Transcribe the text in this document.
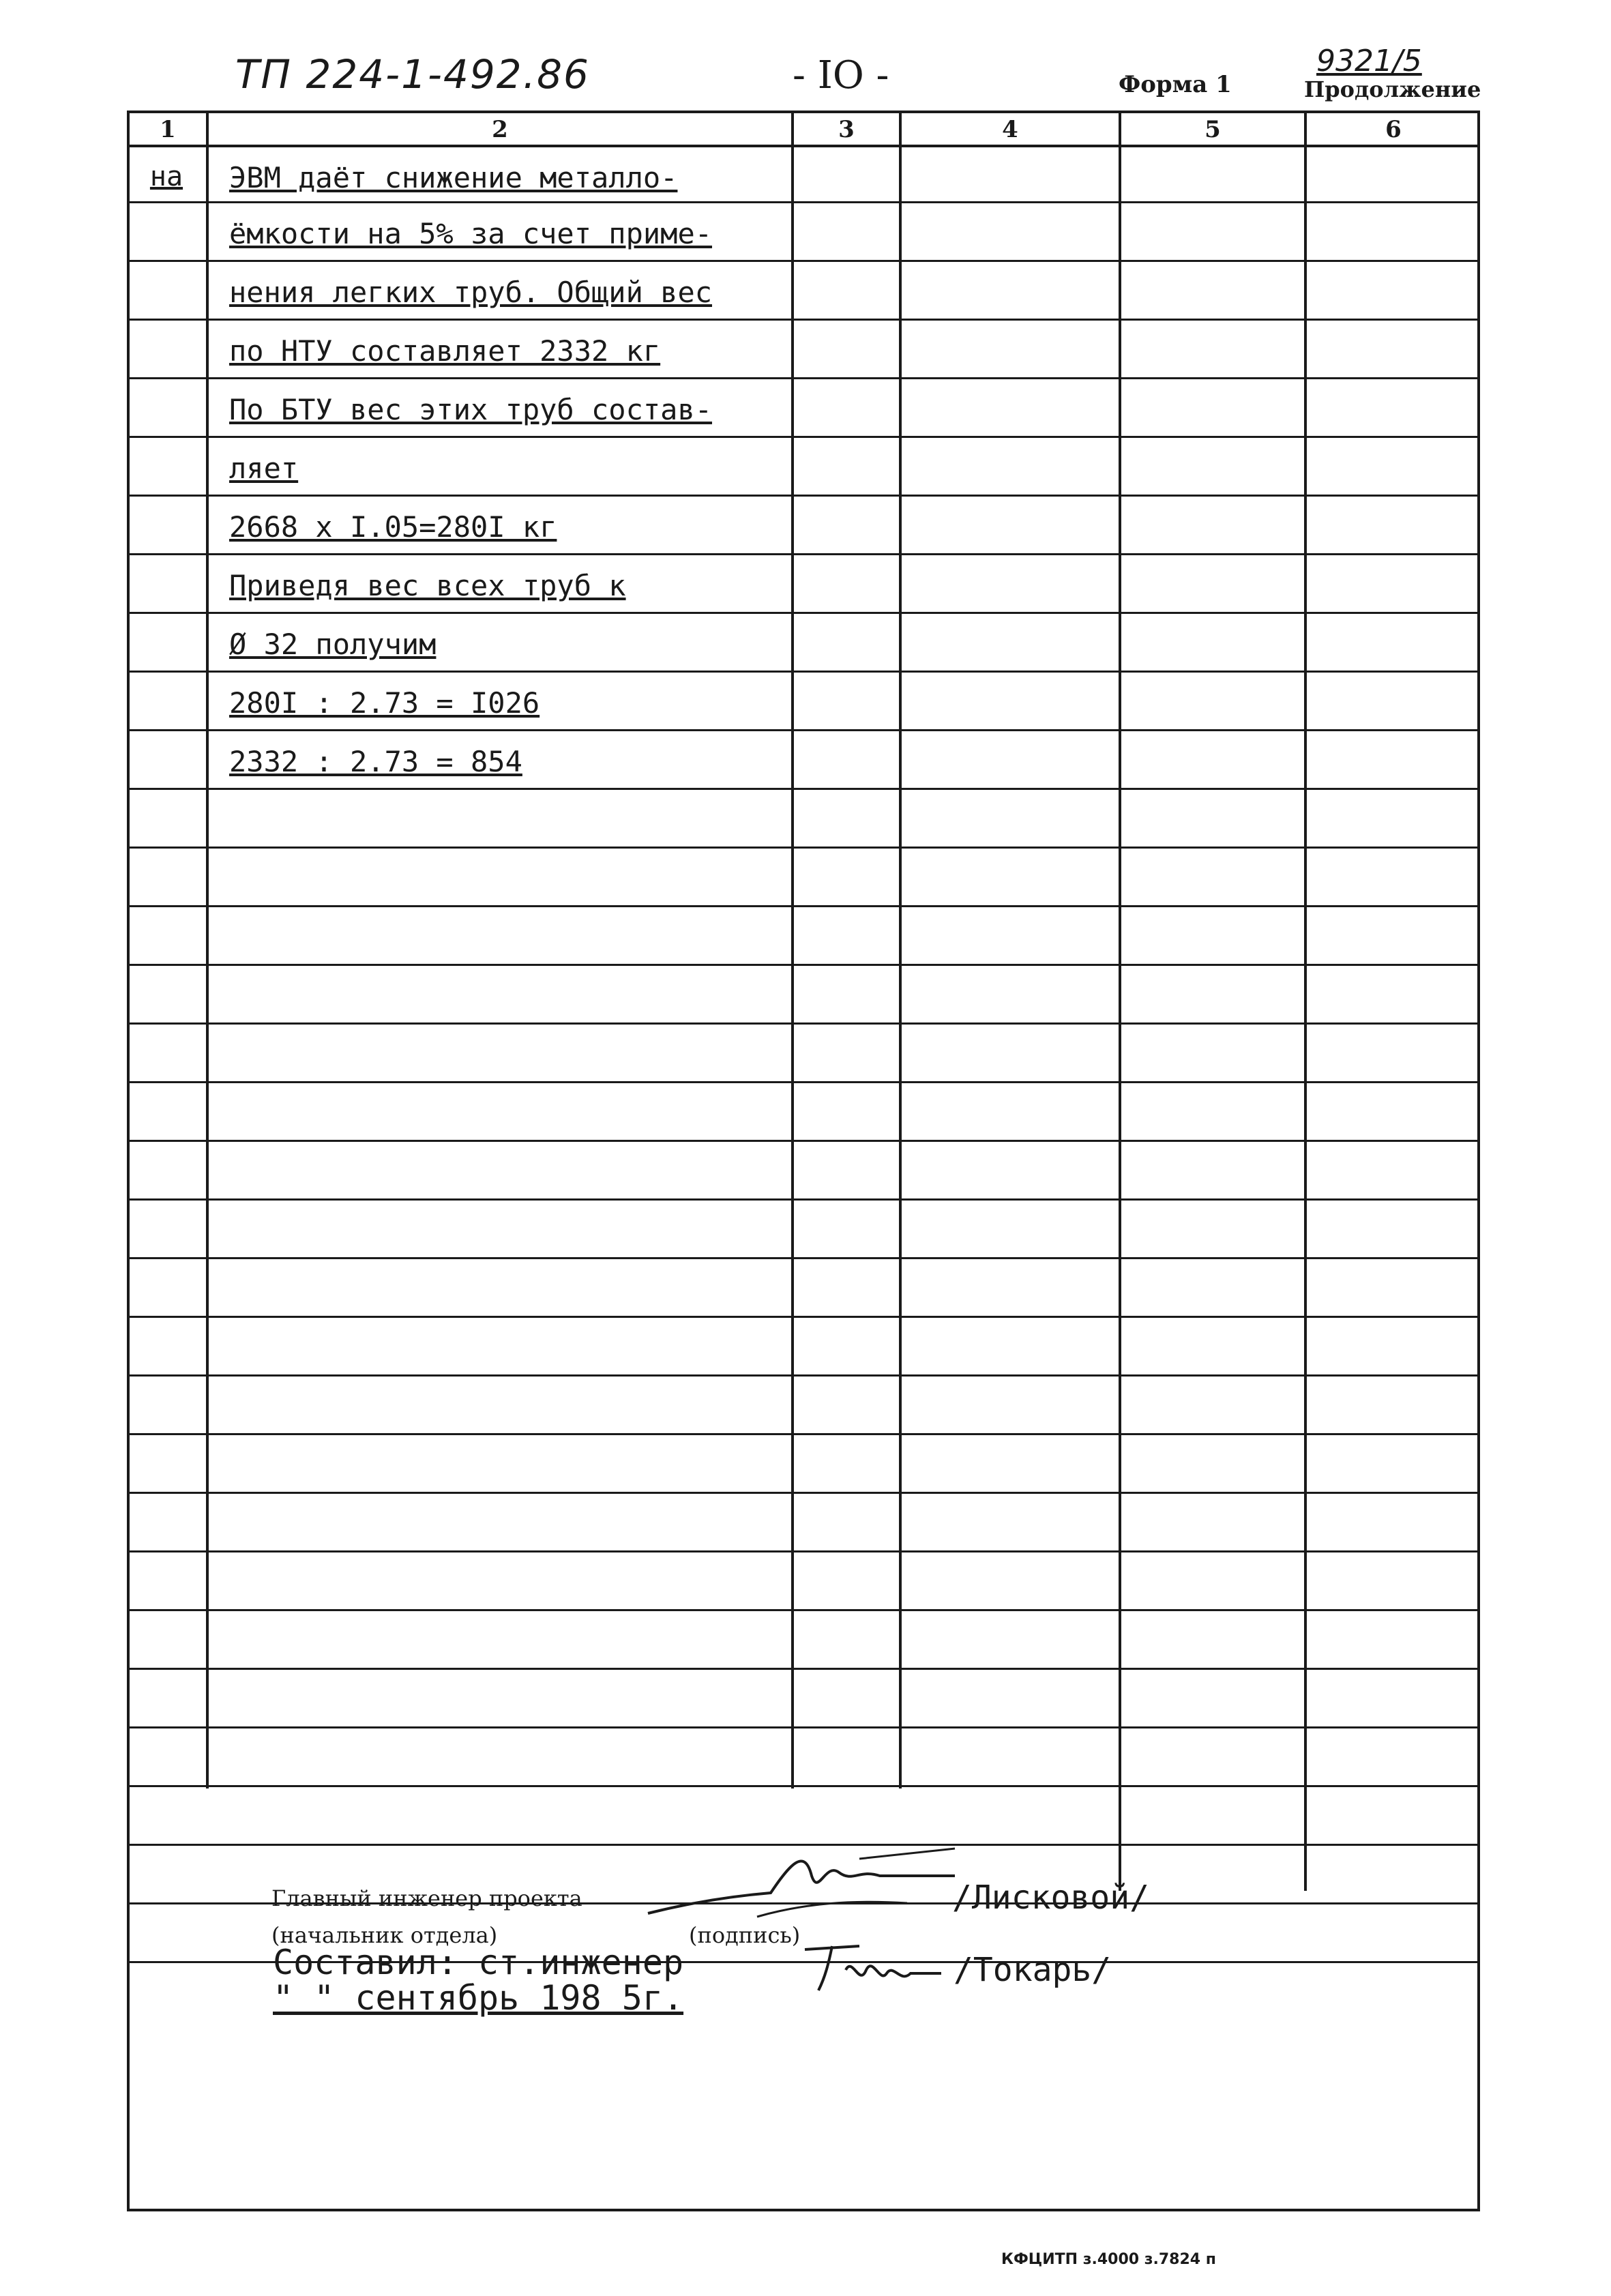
ТП 224-1-492.86	- IO -	Форма 1
9321/5
Продолжение
1	2	3	4	5	6
на	ЭВМ даёт снижение металло-
ёмкости на 5% за счет приме-
нения легких труб. Общий вес
по НТУ составляет 2332 кг
По БТУ вес этих труб состав-
ляет
2668 x I.05=280I кг
Приведя вес всех труб к
Ø 32 получим
280I : 2.73 = I026
2332 : 2.73 = 854
Главный инженер проекта
(начальник отдела)	(подпись)
Составил: ст.инженер
" " сентябрь 198 5г.
/Лисковой/
/Токарь/
КФЦИТП з.4000 з.7824 п
